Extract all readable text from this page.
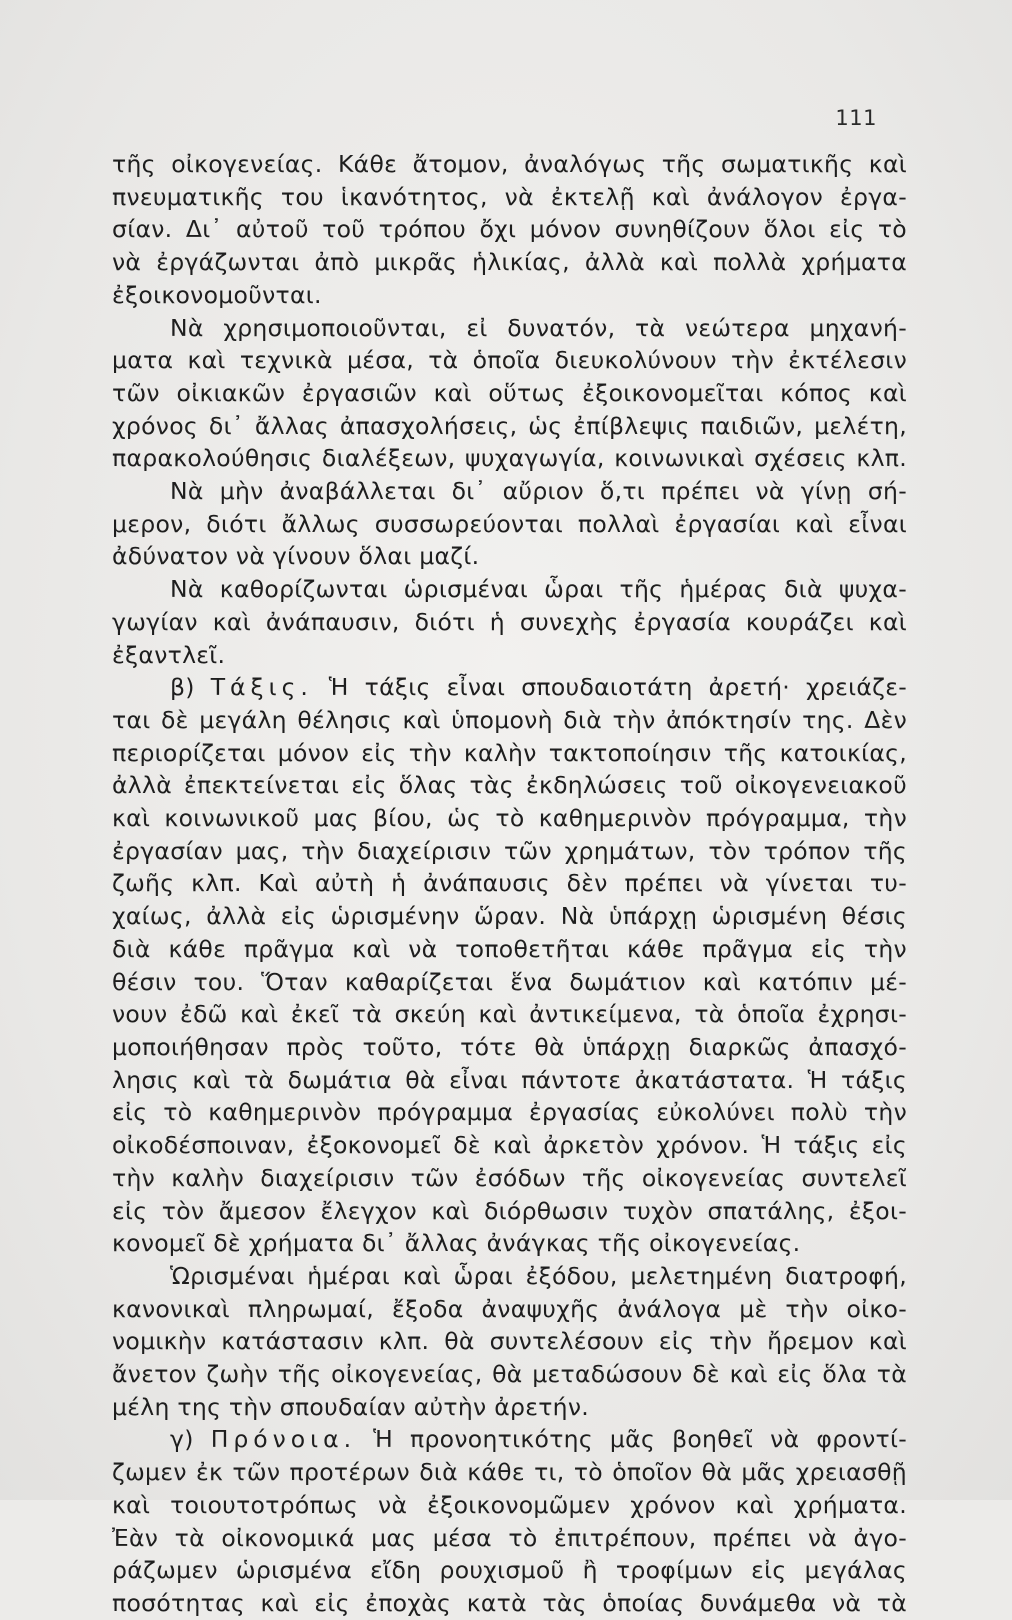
111
τῆς οἰκογενείας. Κάθε ἄτομον, ἀναλόγως τῆς σωματικῆς καὶ
πνευματικῆς του ἱκανότητος, νὰ ἐκτελῇ καὶ ἀνάλογον ἐργα-
σίαν. Δι᾽ αὐτοῦ τοῦ τρόπου ὄχι μόνον συνηθίζουν ὅλοι εἰς τὸ
νὰ ἐργάζωνται ἀπὸ μικρᾶς ἡλικίας, ἀλλὰ καὶ πολλὰ χρήματα
ἐξοικονομοῦνται.
Νὰ χρησιμοποιοῦνται, εἰ δυνατόν, τὰ νεώτερα μηχανή-
ματα καὶ τεχνικὰ μέσα, τὰ ὁποῖα διευκολύνουν τὴν ἐκτέλεσιν
τῶν οἰκιακῶν ἐργασιῶν καὶ οὕτως ἐξοικονομεῖται κόπος καὶ
χρόνος δι᾽ ἄλλας ἀπασχολήσεις, ὡς ἐπίβλεψις παιδιῶν, μελέτη,
παρακολούθησις διαλέξεων, ψυχαγωγία, κοινωνικαὶ σχέσεις κλπ.
Νὰ μὴν ἀναβάλλεται δι᾽ αὔριον ὅ,τι πρέπει νὰ γίνῃ σή-
μερον, διότι ἄλλως συσσωρεύονται πολλαὶ ἐργασίαι καὶ εἶναι
ἀδύνατον νὰ γίνουν ὅλαι μαζί.
Νὰ καθορίζωνται ὡρισμέναι ὧραι τῆς ἡμέρας διὰ ψυχα-
γωγίαν καὶ ἀνάπαυσιν, διότι ἡ συνεχὴς ἐργασία κουράζει καὶ
ἐξαντλεῖ.
β) Τάξις. Ἡ τάξις εἶναι σπουδαιοτάτη ἀρετή· χρειάζε-
ται δὲ μεγάλη θέλησις καὶ ὑπομονὴ διὰ τὴν ἀπόκτησίν της. Δὲν
περιορίζεται μόνον εἰς τὴν καλὴν τακτοποίησιν τῆς κατοικίας,
ἀλλὰ ἐπεκτείνεται εἰς ὅλας τὰς ἐκδηλώσεις τοῦ οἰκογενειακοῦ
καὶ κοινωνικοῦ μας βίου, ὡς τὸ καθημερινὸν πρόγραμμα, τὴν
ἐργασίαν μας, τὴν διαχείρισιν τῶν χρημάτων, τὸν τρόπον τῆς
ζωῆς κλπ. Καὶ αὐτὴ ἡ ἀνάπαυσις δὲν πρέπει νὰ γίνεται τυ-
χαίως, ἀλλὰ εἰς ὡρισμένην ὥραν. Νὰ ὑπάρχῃ ὡρισμένη θέσις
διὰ κάθε πρᾶγμα καὶ νὰ τοποθετῆται κάθε πρᾶγμα εἰς τὴν
θέσιν του. Ὅταν καθαρίζεται ἕνα δωμάτιον καὶ κατόπιν μέ-
νουν ἐδῶ καὶ ἐκεῖ τὰ σκεύη καὶ ἀντικείμενα, τὰ ὁποῖα ἐχρησι-
μοποιήθησαν πρὸς τοῦτο, τότε θὰ ὑπάρχῃ διαρκῶς ἀπασχό-
λησις καὶ τὰ δωμάτια θὰ εἶναι πάντοτε ἀκατάστατα. Ἡ τάξις
εἰς τὸ καθημερινὸν πρόγραμμα ἐργασίας εὐκολύνει πολὺ τὴν
οἰκοδέσποιναν, ἐξοκονομεῖ δὲ καὶ ἀρκετὸν χρόνον. Ἡ τάξις εἰς
τὴν καλὴν διαχείρισιν τῶν ἐσόδων τῆς οἰκογενείας συντελεῖ
εἰς τὸν ἄμεσον ἔλεγχον καὶ διόρθωσιν τυχὸν σπατάλης, ἐξοι-
κονομεῖ δὲ χρήματα δι᾽ ἄλλας ἀνάγκας τῆς οἰκογενείας.
Ὡρισμέναι ἡμέραι καὶ ὧραι ἐξόδου, μελετημένη διατροφή,
κανονικαὶ πληρωμαί, ἔξοδα ἀναψυχῆς ἀνάλογα μὲ τὴν οἰκο-
νομικὴν κατάστασιν κλπ. θὰ συντελέσουν εἰς τὴν ἤρεμον καὶ
ἄνετον ζωὴν τῆς οἰκογενείας, θὰ μεταδώσουν δὲ καὶ εἰς ὅλα τὰ
μέλη της τὴν σπουδαίαν αὐτὴν ἀρετήν.
γ) Πρόνοια. Ἡ προνοητικότης μᾶς βοηθεῖ νὰ φροντί-
ζωμεν ἐκ τῶν προτέρων διὰ κάθε τι, τὸ ὁποῖον θὰ μᾶς χρειασθῇ
καὶ τοιουτοτρόπως νὰ ἐξοικονομῶμεν χρόνον καὶ χρήματα.
Ἐὰν τὰ οἰκονομικά μας μέσα τὸ ἐπιτρέπουν, πρέπει νὰ ἀγο-
ράζωμεν ὡρισμένα εἴδη ρουχισμοῦ ἢ τροφίμων εἰς μεγάλας
ποσότητας καὶ εἰς ἐποχὰς κατὰ τὰς ὁποίας δυνάμεθα νὰ τὰ
